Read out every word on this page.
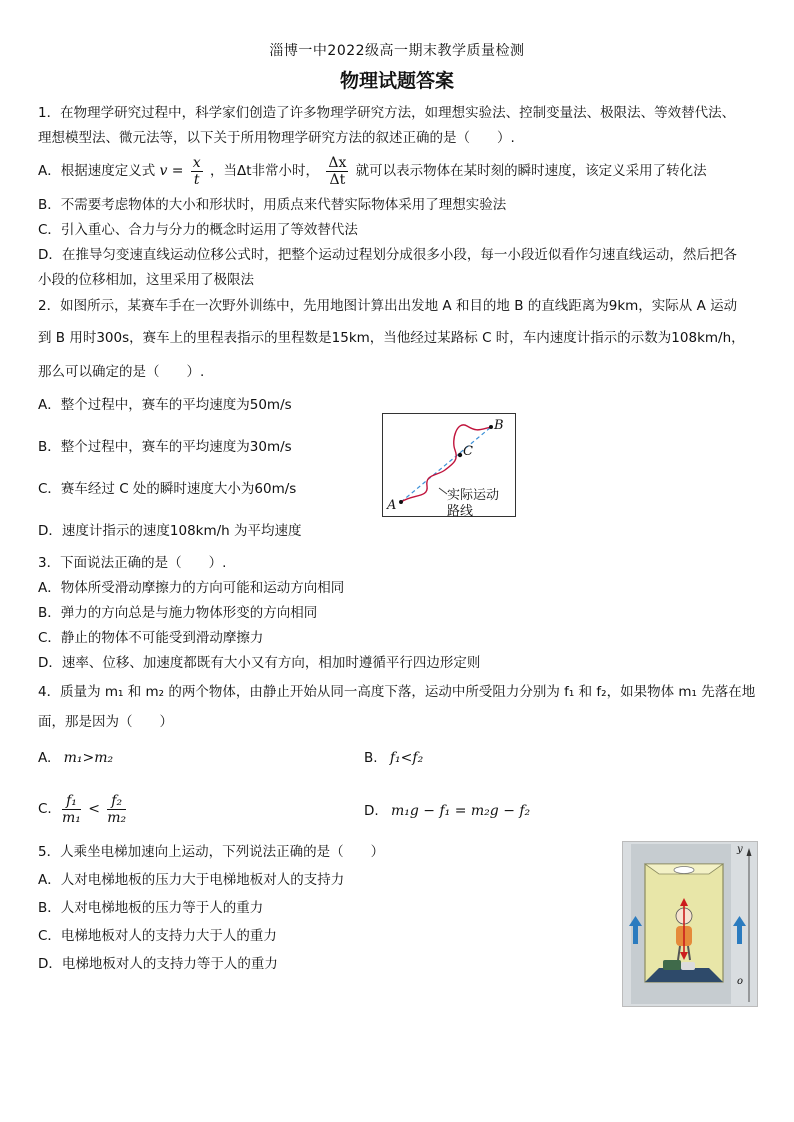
淄博一中2022级高一期末教学质量检测
物理试题答案
1．在物理学研究过程中，科学家们创造了许多物理学研究方法，如理想实验法、控制变量法、极限法、等效替代法、
理想模型法、微元法等，以下关于所用物理学研究方法的叙述正确的是（　　）.
A．根据速度定义式 $v = \frac{x}{t}$ ，当Δt非常小时， $\frac{\Delta x}{\Delta t}$ 就可以表示物体在某时刻的瞬时速度，该定义采用了转化法
B．不需要考虑物体的大小和形状时，用质点来代替实际物体采用了理想实验法
C．引入重心、合力与分力的概念时运用了等效替代法
D．在推导匀变速直线运动位移公式时，把整个运动过程划分成很多小段，每一小段近似看作匀速直线运动，然后把各
小段的位移相加，这里采用了极限法
2．如图所示，某赛车手在一次野外训练中，先用地图计算出出发地 A 和目的地 B 的直线距离为9km，实际从 A 运动
到 B 用时300s，赛车上的里程表指示的里程数是15km，当他经过某路标 C 时，车内速度计指示的示数为108km/h，
那么可以确定的是（　　）.
A．整个过程中，赛车的平均速度为50m/s
B．整个过程中，赛车的平均速度为30m/s
C．赛车经过 C 处的瞬时速度大小为60m/s
D．速度计指示的速度108km/h 为平均速度
A
B
C
实际运动
路线
3．下面说法正确的是（　　）.
A．物体所受滑动摩擦力的方向可能和运动方向相同
B．弹力的方向总是与施力物体形变的方向相同
C．静止的物体不可能受到滑动摩擦力
D．速率、位移、加速度都既有大小又有方向，相加时遵循平行四边形定则
4．质量为 m₁ 和 m₂ 的两个物体，由静止开始从同一高度下落，运动中所受阻力分别为 f₁ 和 f₂，如果物体 m₁ 先落在地
面，那是因为（　　）
A. m₁>m₂	B. f₁<f₂
C. $\frac{\text{f₁}}{\text{m₁}} < \frac{\text{f₂}}{\text{m₂}}$	D. m₁g − f₁ = m₂g − f₂
5．人乘坐电梯加速向上运动，下列说法正确的是（　　）
A．人对电梯地板的压力大于电梯地板对人的支持力
B．人对电梯地板的压力等于人的重力
C．电梯地板对人的支持力大于人的重力
D．电梯地板对人的支持力等于人的重力
y
o
